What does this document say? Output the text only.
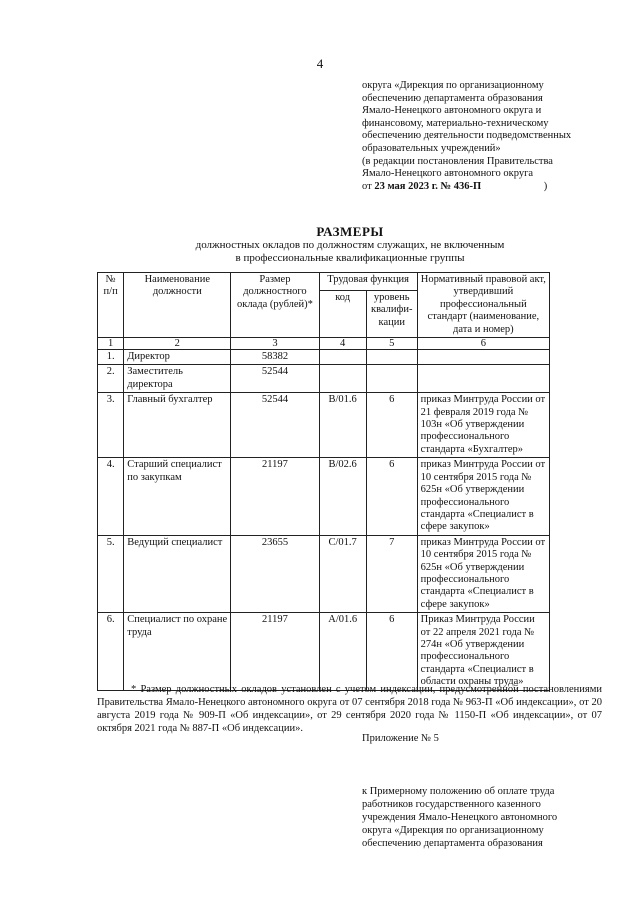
4
округа «Дирекция по организационному
обеспечению департамента образования
Ямало-Ненецкого автономного округа и
финансовому, материально-техническому
обеспечению деятельности подведомственных
образовательных учреждений»
(в редакции постановления Правительства
Ямало-Ненецкого автономного округа
от 23 мая 2023 г. № 436-П	)
РАЗМЕРЫ
должностных окладов по должностям служащих, не включенным
в профессиональные квалификационные группы
№ п/п	Наименование должности	Размер должностного оклада (рублей)*	Трудовая функция		Нормативный правовой акт, утвердивший профессиональный стандарт (наименование, дата и номер)
			код	уровень квалифи- кации	
1	2	3	4	5	6
1.	Директор	58382			
2.	Заместитель директора	52544			
3.	Главный бухгалтер	52544	B/01.6	6	приказ Минтруда России от 21 февраля 2019 года № 103н «Об утверждении профессионального стандарта «Бухгалтер»
4.	Старший специалист по закупкам	21197	B/02.6	6	приказ Минтруда России от 10 сентября 2015 года № 625н «Об утверждении профессионального стандарта «Специалист в сфере закупок»
5.	Ведущий специалист	23655	C/01.7	7	приказ Минтруда России от 10 сентября 2015 года № 625н «Об утверждении профессионального стандарта «Специалист в сфере закупок»
6.	Специалист по охране труда	21197	A/01.6	6	Приказ Минтруда России от 22 апреля 2021 года № 274н «Об утверждении профессионального стандарта «Специалист в области охраны труда»
* Размер должностных окладов установлен с учетом индексации, предусмотренной постановлениями Правительства Ямало-Ненецкого автономного округа от 07 сентября 2018 года № 963-П «Об индексации», от 20 августа 2019 года № 909-П «Об индексации», от 29 сентября 2020 года № 1150-П «Об индексации», от 07 октября 2021 года № 887-П «Об индексации».
Приложение № 5
к Примерному положению об оплате труда
работников государственного казенного
учреждения Ямало-Ненецкого автономного
округа «Дирекция по организационному
обеспечению департамента образования
